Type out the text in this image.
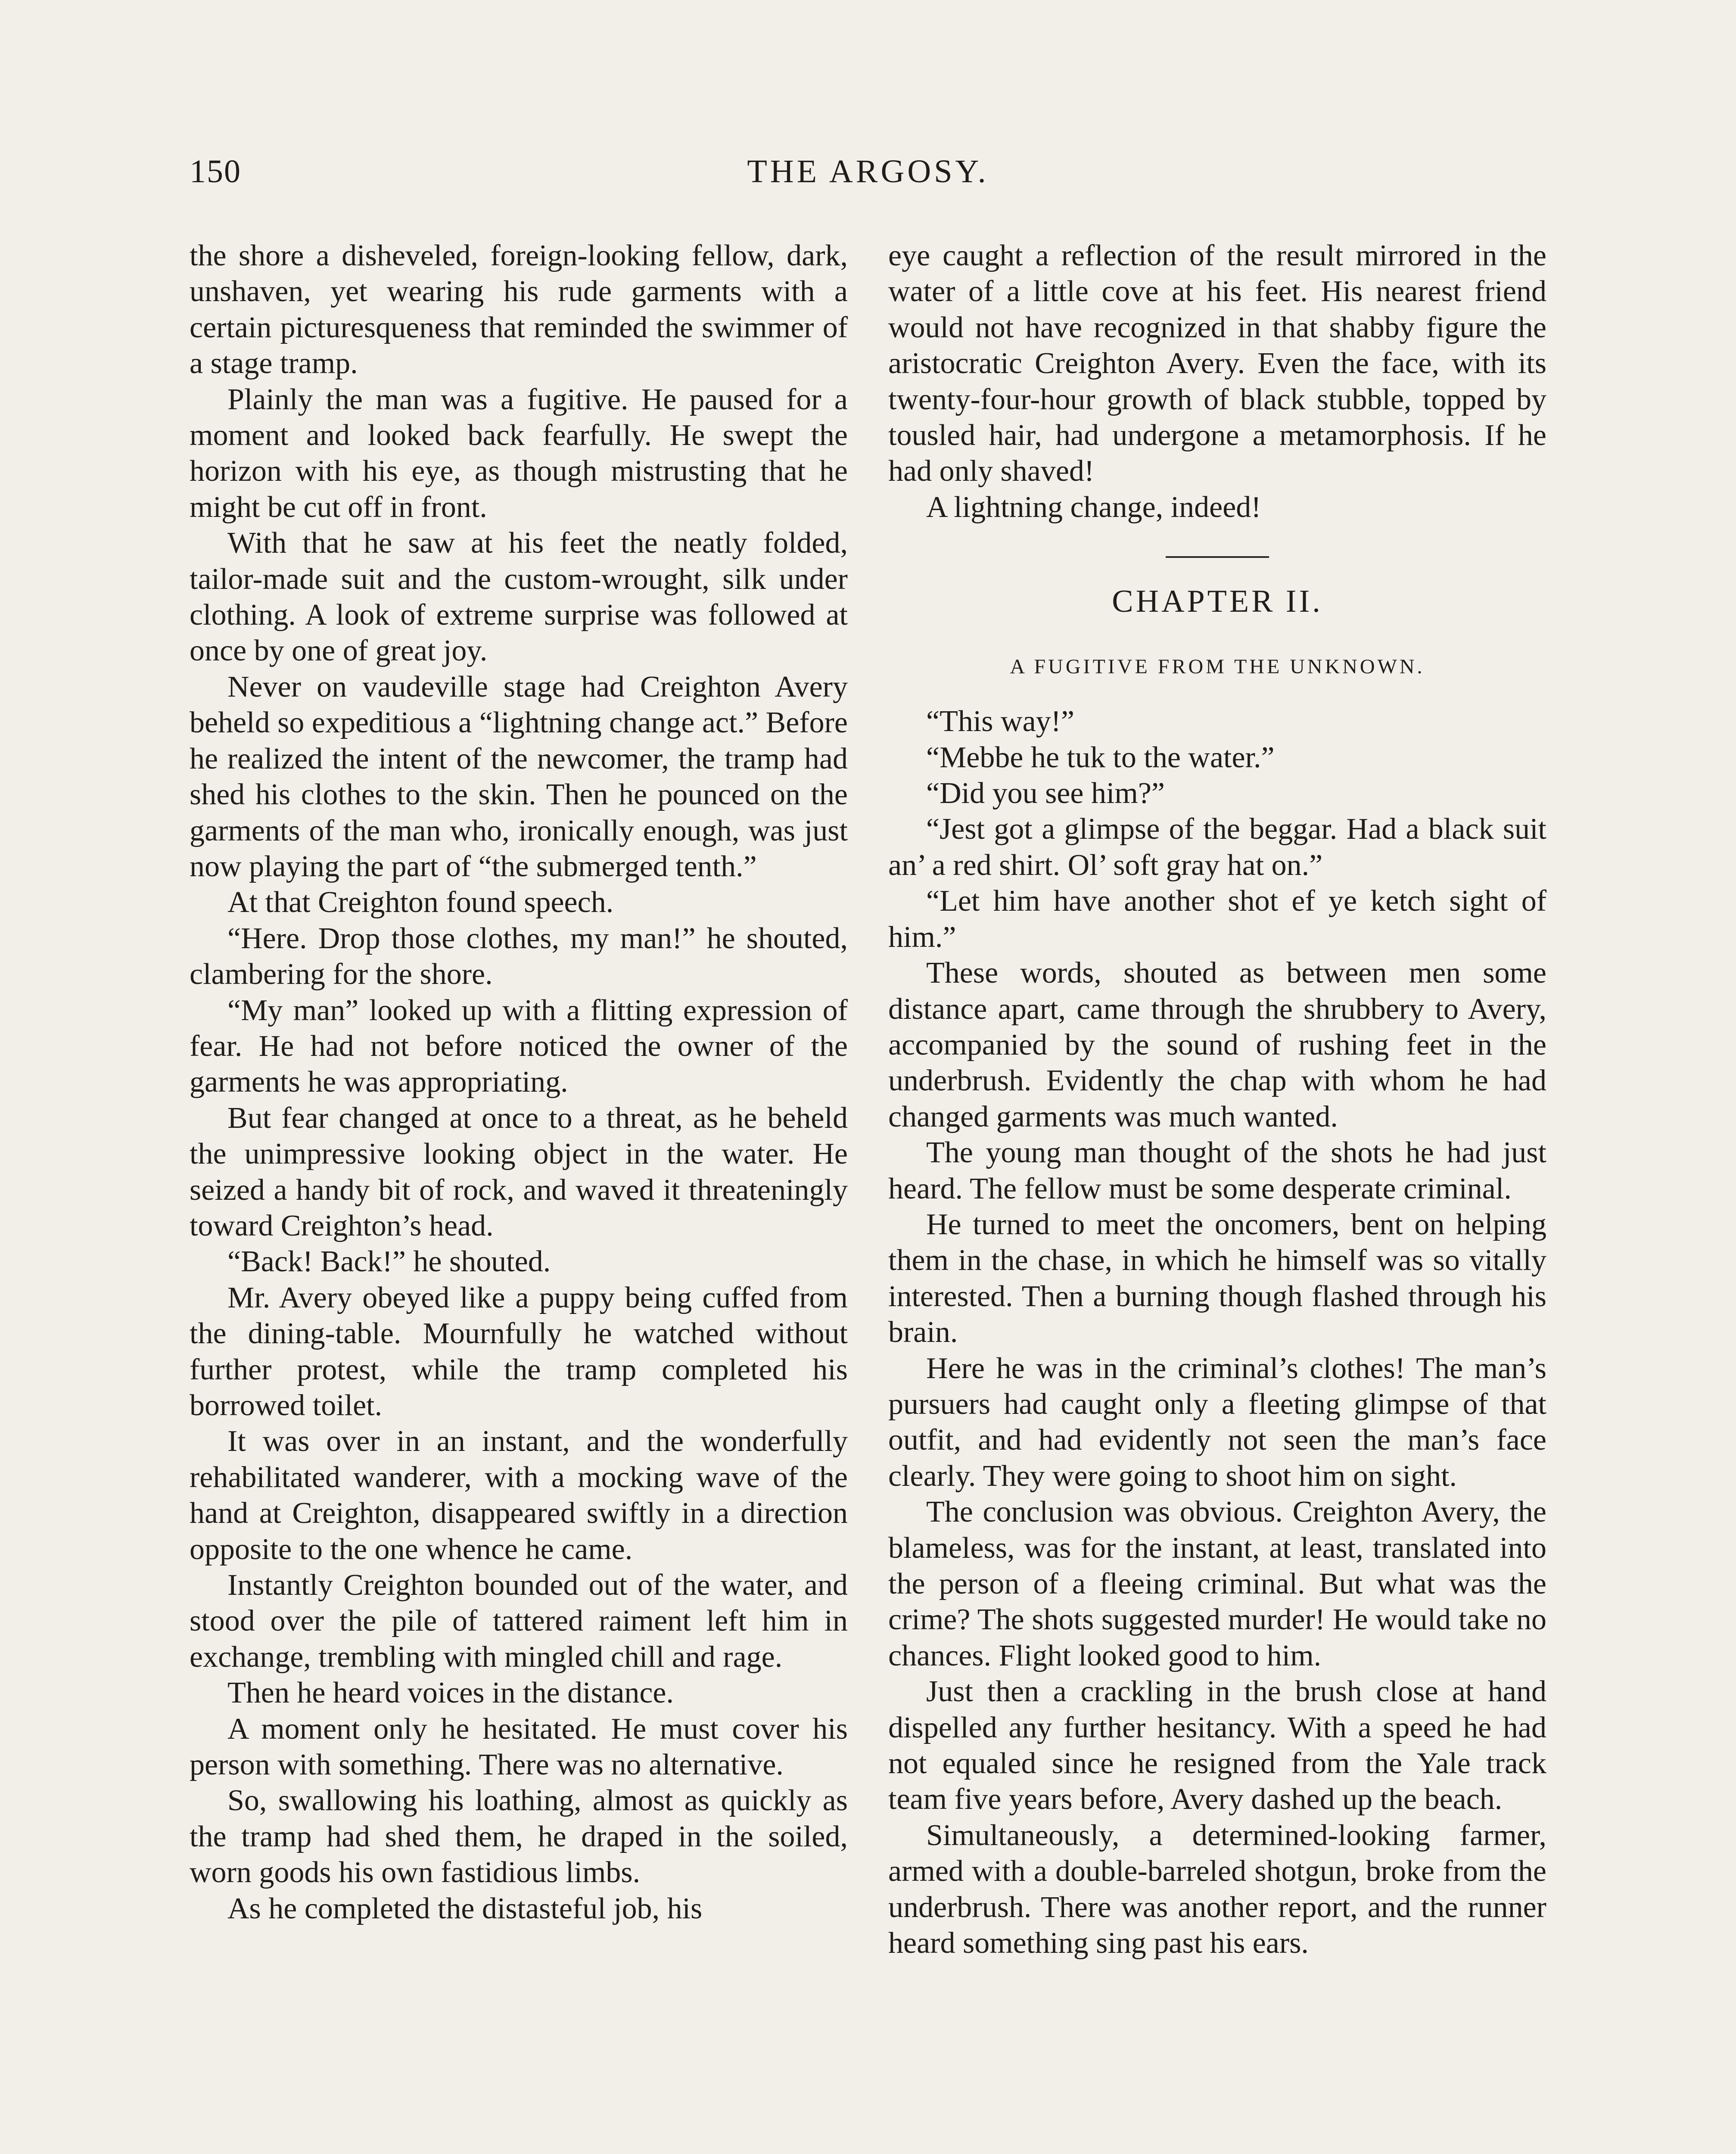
150	THE ARGOSY.

the shore a disheveled, foreign-looking fellow, dark, unshaven, yet wearing his rude garments with a certain picturesqueness that reminded the swimmer of a stage tramp.

Plainly the man was a fugitive. He paused for a moment and looked back fearfully. He swept the horizon with his eye, as though mistrusting that he might be cut off in front.

With that he saw at his feet the neatly folded, tailor-made suit and the custom-wrought, silk under clothing. A look of extreme surprise was followed at once by one of great joy.

Never on vaudeville stage had Creighton Avery beheld so expeditious a “lightning change act.” Before he realized the intent of the newcomer, the tramp had shed his clothes to the skin. Then he pounced on the garments of the man who, ironically enough, was just now playing the part of “the submerged tenth.”

At that Creighton found speech.

“Here. Drop those clothes, my man!” he shouted, clambering for the shore.

“My man” looked up with a flitting expression of fear. He had not before noticed the owner of the garments he was appropriating.

But fear changed at once to a threat, as he beheld the unimpressive looking object in the water. He seized a handy bit of rock, and waved it threateningly toward Creighton’s head.

“Back! Back!” he shouted.

Mr. Avery obeyed like a puppy being cuffed from the dining-table. Mournfully he watched without further protest, while the tramp completed his borrowed toilet.

It was over in an instant, and the wonderfully rehabilitated wanderer, with a mocking wave of the hand at Creighton, disappeared swiftly in a direction opposite to the one whence he came.

Instantly Creighton bounded out of the water, and stood over the pile of tattered raiment left him in exchange, trembling with mingled chill and rage.

Then he heard voices in the distance.

A moment only he hesitated. He must cover his person with something. There was no alternative.

So, swallowing his loathing, almost as quickly as the tramp had shed them, he draped in the soiled, worn goods his own fastidious limbs.

As he completed the distasteful job, his

eye caught a reflection of the result mirrored in the water of a little cove at his feet. His nearest friend would not have recognized in that shabby figure the aristocratic Creighton Avery. Even the face, with its twenty-four-hour growth of black stubble, topped by tousled hair, had undergone a metamorphosis. If he had only shaved!

A lightning change, indeed!

CHAPTER II.
A FUGITIVE FROM THE UNKNOWN.

“This way!”

“Mebbe he tuk to the water.”

“Did you see him?”

“Jest got a glimpse of the beggar. Had a black suit an’ a red shirt. Ol’ soft gray hat on.”

“Let him have another shot ef ye ketch sight of him.”

These words, shouted as between men some distance apart, came through the shrubbery to Avery, accompanied by the sound of rushing feet in the underbrush. Evidently the chap with whom he had changed garments was much wanted.

The young man thought of the shots he had just heard. The fellow must be some desperate criminal.

He turned to meet the oncomers, bent on helping them in the chase, in which he himself was so vitally interested. Then a burning though flashed through his brain.

Here he was in the criminal’s clothes! The man’s pursuers had caught only a fleeting glimpse of that outfit, and had evidently not seen the man’s face clearly. They were going to shoot him on sight.

The conclusion was obvious. Creighton Avery, the blameless, was for the instant, at least, translated into the person of a fleeing criminal. But what was the crime? The shots suggested murder! He would take no chances. Flight looked good to him.

Just then a crackling in the brush close at hand dispelled any further hesitancy. With a speed he had not equaled since he resigned from the Yale track team five years before, Avery dashed up the beach.

Simultaneously, a determined-looking farmer, armed with a double-barreled shotgun, broke from the underbrush. There was another report, and the runner heard something sing past his ears.
